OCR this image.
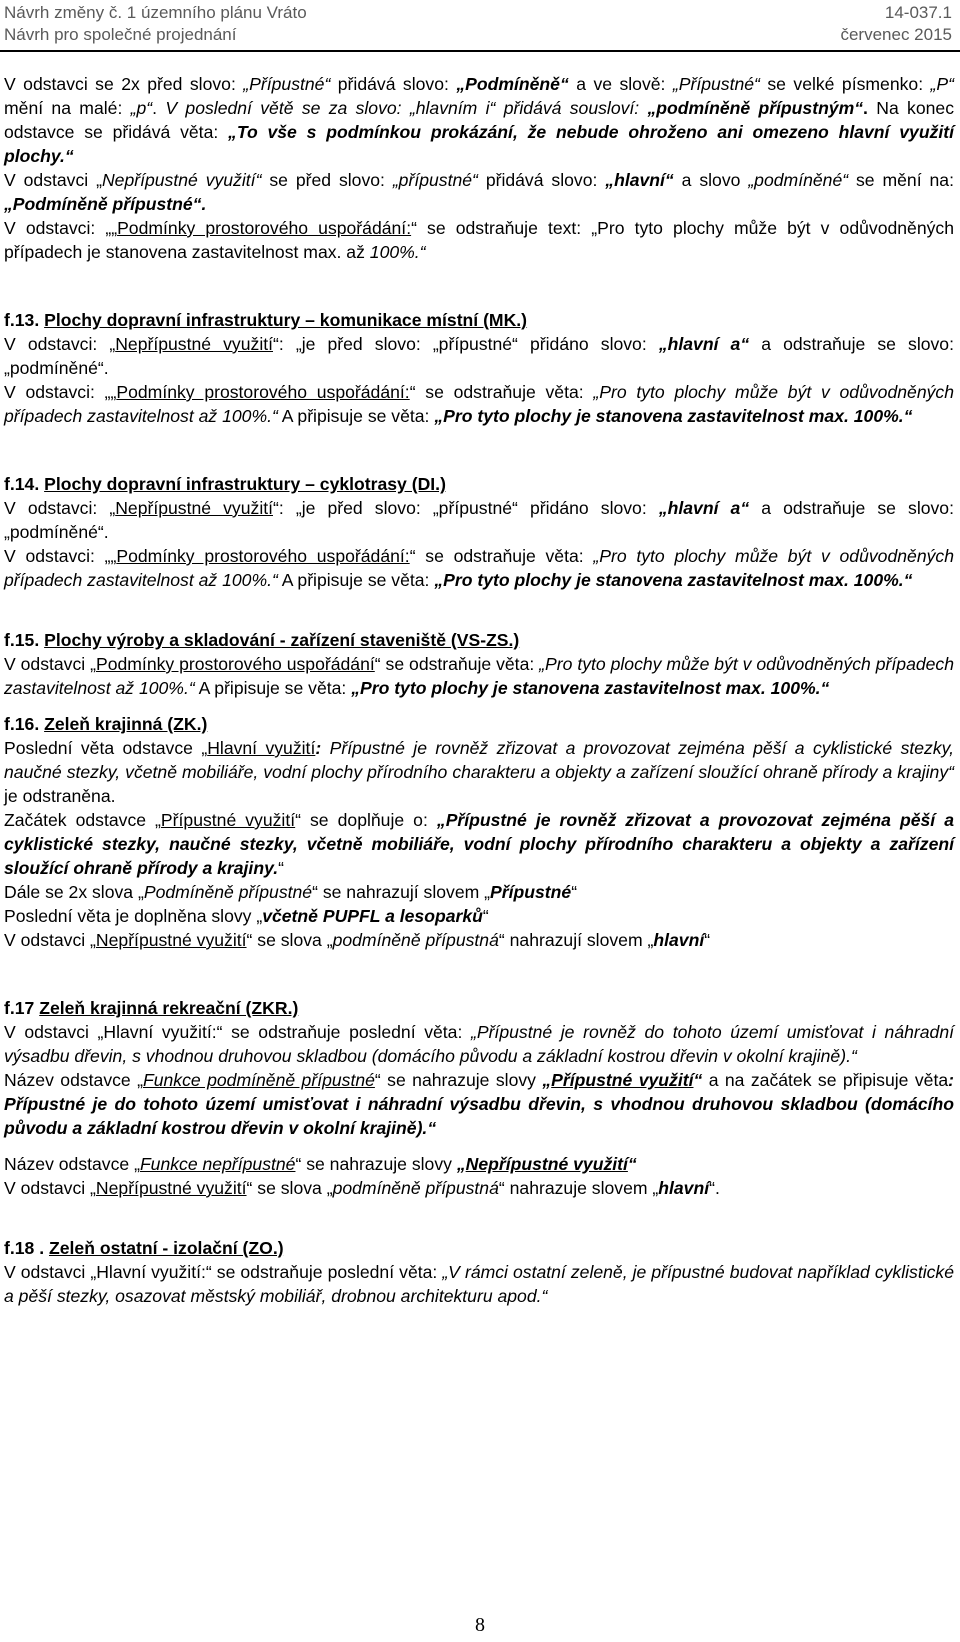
Návrh změny č. 1 územního plánu Vráto	14-037.1
Návrh pro společné projednání	červenec 2015

V odstavci se 2x před slovo: „Přípustné“ přidává slovo: „Podmíněně“ a ve slově: „Přípustné“ se velké písmenko: „P“ mění na malé: „p“. V poslední větě se za slovo: „hlavním i“ přidává sousloví: „podmíněně přípustným“. Na konec odstavce se přidává věta: „To vše s podmínkou prokázání, že nebude ohroženo ani omezeno hlavní využití plochy.“

V odstavci „Nepřípustné využití“ se před slovo: „přípustné“ přidává slovo: „hlavní“ a slovo „podmíněné“ se mění na: „Podmíněně přípustné“.

V odstavci: „„Podmínky prostorového uspořádání:“ se odstraňuje text: „Pro tyto plochy může být v odůvodněných případech je stanovena zastavitelnost max. až 100%.“

f.13. Plochy dopravní infrastruktury – komunikace místní (MK.)

V odstavci: „Nepřípustné využití“: „je před slovo: „přípustné“ přidáno slovo: „hlavní a“ a odstraňuje se slovo: „podmíněné“.

V odstavci: „„Podmínky prostorového uspořádání:“ se odstraňuje věta: „Pro tyto plochy může být v odůvodněných případech zastavitelnost až 100%.“ A připisuje se věta: „Pro tyto plochy je stanovena zastavitelnost max. 100%.“

f.14. Plochy dopravní infrastruktury – cyklotrasy (DI.)

V odstavci: „Nepřípustné využití“: „je před slovo: „přípustné“ přidáno slovo: „hlavní a“ a odstraňuje se slovo: „podmíněné“.

V odstavci: „„Podmínky prostorového uspořádání:“ se odstraňuje věta: „Pro tyto plochy může být v odůvodněných případech zastavitelnost až 100%.“ A připisuje se věta: „Pro tyto plochy je stanovena zastavitelnost max. 100%.“

f.15. Plochy výroby a skladování - zařízení staveniště (VS-ZS.)

V odstavci „Podmínky prostorového uspořádání“ se odstraňuje věta: „Pro tyto plochy může být v odůvodněných případech zastavitelnost až 100%.“ A připisuje se věta: „Pro tyto plochy je stanovena zastavitelnost max. 100%.“

f.16. Zeleň krajinná (ZK.)

Poslední věta odstavce „Hlavní využití: Přípustné je rovněž zřizovat a provozovat zejména pěší a cyklistické stezky, naučné stezky, včetně mobiliáře, vodní plochy přírodního charakteru a objekty a zařízení sloužící ohraně přírody a krajiny“ je odstraněna.

Začátek odstavce „Přípustné využití“ se doplňuje o: „Přípustné je rovněž zřizovat a provozovat zejména pěší a cyklistické stezky, naučné stezky, včetně mobiliáře, vodní plochy přírodního charakteru a objekty a zařízení sloužící ohraně přírody a krajiny.“

Dále se 2x slova „Podmíněně přípustné“ se nahrazují slovem „Přípustné“

Poslední věta je doplněna slovy „včetně PUPFL a lesoparků“

V odstavci „Nepřípustné využití“ se slova „podmíněně přípustná“ nahrazují slovem „hlavní“

f.17 Zeleň krajinná rekreační (ZKR.)

V odstavci „Hlavní využití:“ se odstraňuje poslední věta: „Přípustné je rovněž do tohoto území umisťovat i náhradní výsadbu dřevin, s vhodnou druhovou skladbou (domácího původu a základní kostrou dřevin v okolní krajině).“

Název odstavce „Funkce podmíněně přípustné“ se nahrazuje slovy „Přípustné využití“ a na začátek se připisuje věta: Přípustné je do tohoto území umisťovat i náhradní výsadbu dřevin, s vhodnou druhovou skladbou (domácího původu a základní kostrou dřevin v okolní krajině).“

Název odstavce „Funkce nepřípustné“ se nahrazuje slovy „Nepřípustné využití“

V odstavci „Nepřípustné využití“ se slova „podmíněně přípustná“ nahrazuje slovem „hlavní“.

f.18 . Zeleň ostatní - izolační (ZO.)

V odstavci „Hlavní využití:“ se odstraňuje poslední věta: „V rámci ostatní zeleně, je přípustné budovat například cyklistické a pěší stezky, osazovat městský mobiliář, drobnou architekturu apod.“

8
